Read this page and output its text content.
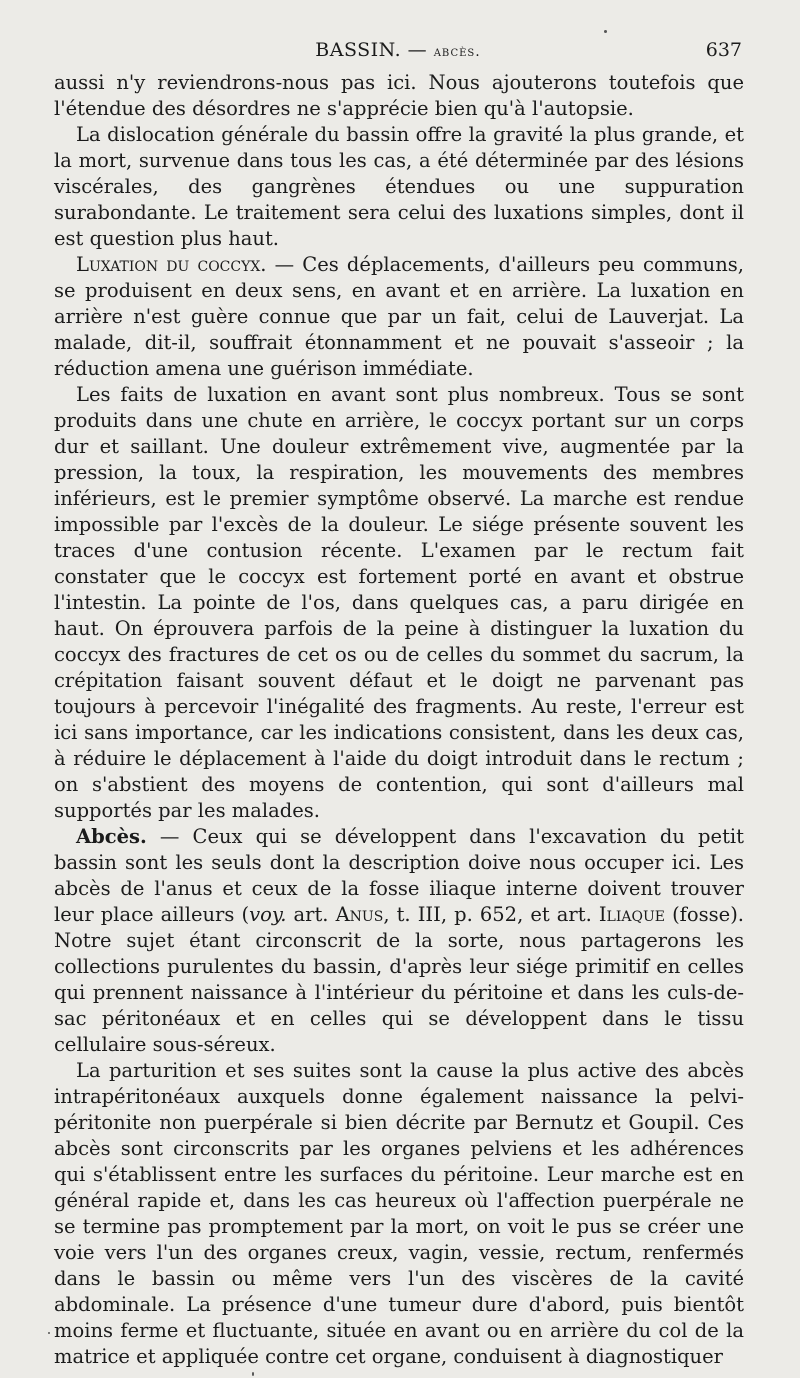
BASSIN. — abcès.	637

aussi n'y reviendrons-nous pas ici. Nous ajouterons toutefois que l'étendue des désordres ne s'apprécie bien qu'à l'autopsie.

La dislocation générale du bassin offre la gravité la plus grande, et la mort, survenue dans tous les cas, a été déterminée par des lésions viscérales, des gangrènes étendues ou une suppuration surabondante. Le traitement sera celui des luxations simples, dont il est question plus haut.

Luxation du coccyx. — Ces déplacements, d'ailleurs peu communs, se produisent en deux sens, en avant et en arrière. La luxation en arrière n'est guère connue que par un fait, celui de Lauverjat. La malade, dit-il, souffrait étonnamment et ne pouvait s'asseoir ; la réduction amena une guérison immédiate.

Les faits de luxation en avant sont plus nombreux. Tous se sont produits dans une chute en arrière, le coccyx portant sur un corps dur et saillant. Une douleur extrêmement vive, augmentée par la pression, la toux, la respiration, les mouvements des membres inférieurs, est le premier symptôme observé. La marche est rendue impossible par l'excès de la douleur. Le siége présente souvent les traces d'une contusion récente. L'examen par le rectum fait constater que le coccyx est fortement porté en avant et obstrue l'intestin. La pointe de l'os, dans quelques cas, a paru dirigée en haut. On éprouvera parfois de la peine à distinguer la luxation du coccyx des fractures de cet os ou de celles du sommet du sacrum, la crépitation faisant souvent défaut et le doigt ne parvenant pas toujours à percevoir l'inégalité des fragments. Au reste, l'erreur est ici sans importance, car les indications consistent, dans les deux cas, à réduire le déplacement à l'aide du doigt introduit dans le rectum ; on s'abstient des moyens de contention, qui sont d'ailleurs mal supportés par les malades.

Abcès. — Ceux qui se développent dans l'excavation du petit bassin sont les seuls dont la description doive nous occuper ici. Les abcès de l'anus et ceux de la fosse iliaque interne doivent trouver leur place ailleurs (voy. art. Anus, t. III, p. 652, et art. Iliaque (fosse). Notre sujet étant circonscrit de la sorte, nous partagerons les collections purulentes du bassin, d'après leur siége primitif en celles qui prennent naissance à l'intérieur du péritoine et dans les culs-de-sac péritonéaux et en celles qui se développent dans le tissu cellulaire sous-séreux.

La parturition et ses suites sont la cause la plus active des abcès intrapéritonéaux auxquels donne également naissance la pelvi-péritonite non puerpérale si bien décrite par Bernutz et Goupil. Ces abcès sont circonscrits par les organes pelviens et les adhérences qui s'établissent entre les surfaces du péritoine. Leur marche est en général rapide et, dans les cas heureux où l'affection puerpérale ne se termine pas promptement par la mort, on voit le pus se créer une voie vers l'un des organes creux, vagin, vessie, rectum, renfermés dans le bassin ou même vers l'un des viscères de la cavité abdominale. La présence d'une tumeur dure d'abord, puis bientôt moins ferme et fluctuante, située en avant ou en arrière du col de la matrice et appliquée contre cet organe, conduisent à diagnostiquer
